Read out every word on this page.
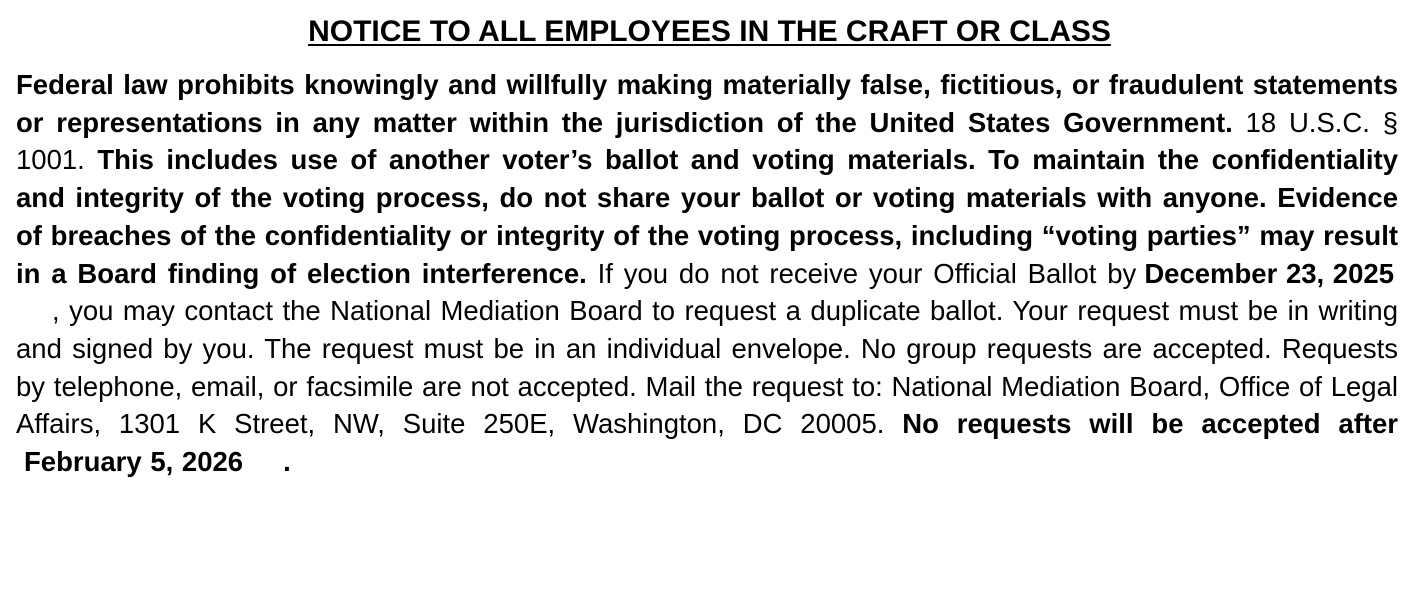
NOTICE TO ALL EMPLOYEES IN THE CRAFT OR CLASS

Federal law prohibits knowingly and willfully making materially false, fictitious, or fraudulent statements or representations in any matter within the jurisdiction of the United States Government. 18 U.S.C. § 1001. This includes use of another voter’s ballot and voting materials. To maintain the confidentiality and integrity of the voting process, do not share your ballot or voting materials with anyone. Evidence of breaches of the confidentiality or integrity of the voting process, including “voting parties” may result in a Board finding of election interference. If you do not receive your Official Ballot by December 23, 2025, you may contact the National Mediation Board to request a duplicate ballot. Your request must be in writing and signed by you. The request must be in an individual envelope. No group requests are accepted. Requests by telephone, email, or facsimile are not accepted. Mail the request to: National Mediation Board, Office of Legal Affairs, 1301 K Street, NW, Suite 250E, Washington, DC 20005. No requests will be accepted afterFebruary 5, 2026 .
